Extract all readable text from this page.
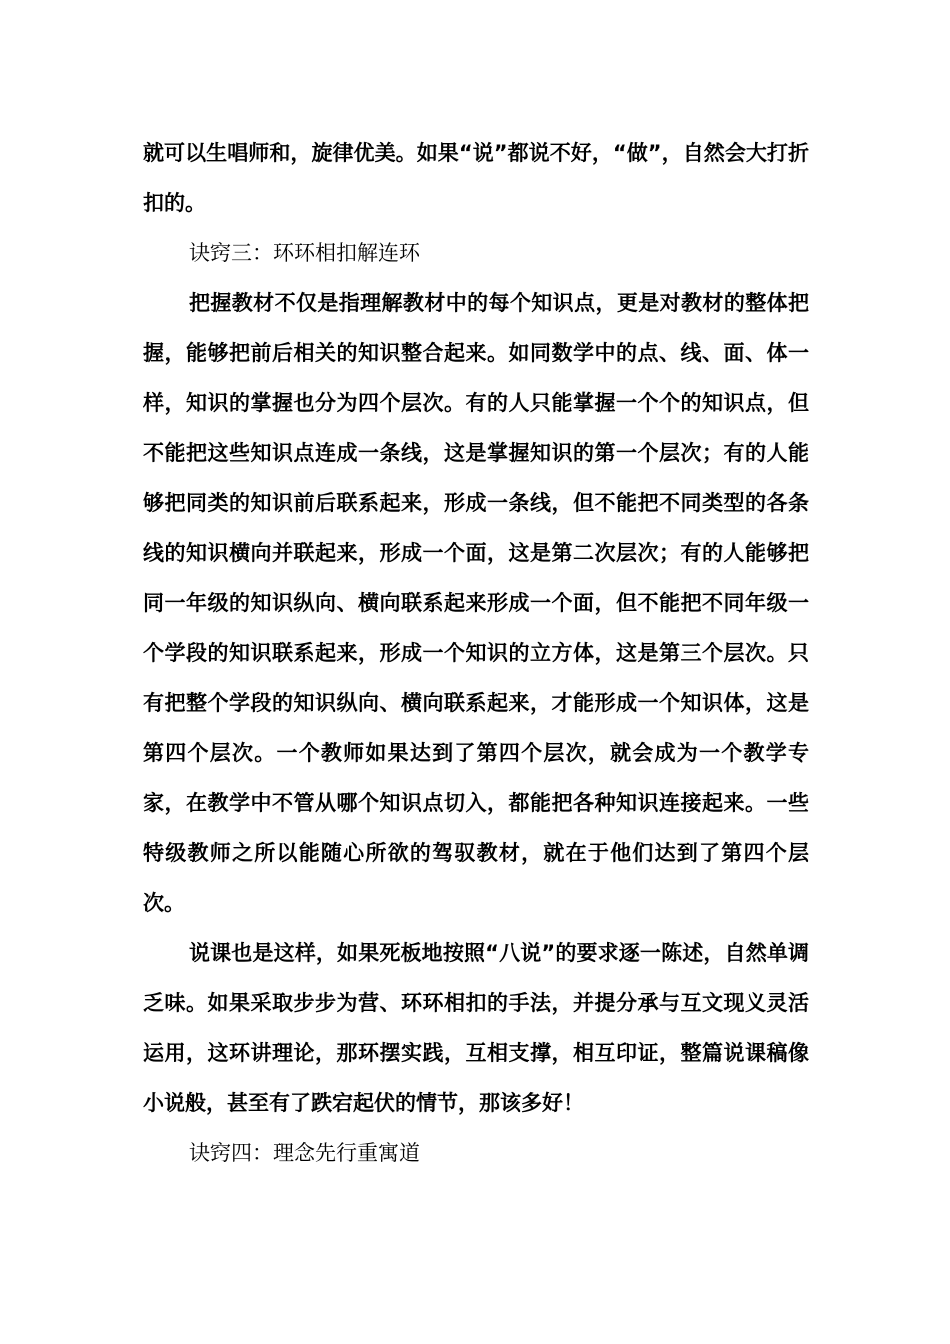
就可以生唱师和，旋律优美。如果“说”都说不好，“做”，自然会大打折扣的。

诀窍三：环环相扣解连环

把握教材不仅是指理解教材中的每个知识点，更是对教材的整体把握，能够把前后相关的知识整合起来。如同数学中的点、线、面、体一样，知识的掌握也分为四个层次。有的人只能掌握一个个的知识点，但不能把这些知识点连成一条线，这是掌握知识的第一个层次；有的人能够把同类的知识前后联系起来，形成一条线，但不能把不同类型的各条线的知识横向并联起来，形成一个面，这是第二次层次；有的人能够把同一年级的知识纵向、横向联系起来形成一个面，但不能把不同年级一个学段的知识联系起来，形成一个知识的立方体，这是第三个层次。只有把整个学段的知识纵向、横向联系起来，才能形成一个知识体，这是第四个层次。一个教师如果达到了第四个层次，就会成为一个教学专家，在教学中不管从哪个知识点切入，都能把各种知识连接起来。一些特级教师之所以能随心所欲的驾驭教材，就在于他们达到了第四个层次。

说课也是这样，如果死板地按照“八说”的要求逐一陈述，自然单调乏味。如果采取步步为营、环环相扣的手法，并提分承与互文现义灵活运用，这环讲理论，那环摆实践，互相支撑，相互印证，整篇说课稿像小说般，甚至有了跌宕起伏的情节，那该多好！

诀窍四：理念先行重寓道
